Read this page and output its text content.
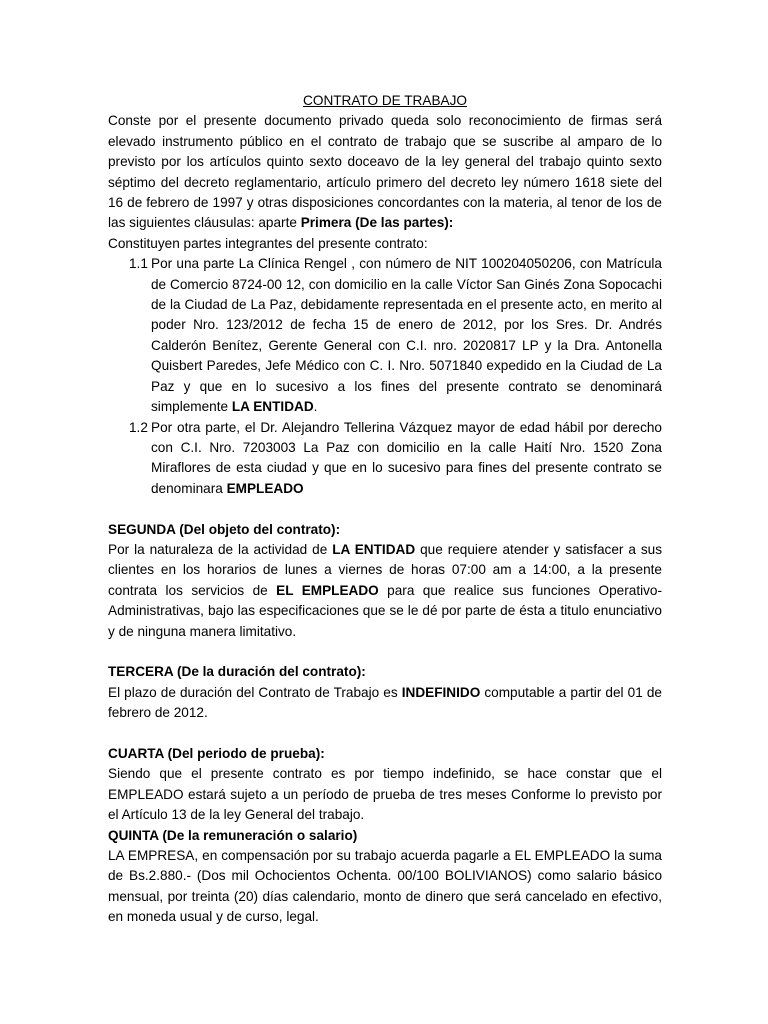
CONTRATO DE TRABAJO

Conste por el presente documento privado queda solo reconocimiento de firmas será elevado instrumento público en el contrato de trabajo que se suscribe al amparo de lo previsto por los artículos quinto sexto doceavo de la ley general del trabajo quinto sexto séptimo del decreto reglamentario, artículo primero del decreto ley número 1618 siete del 16 de febrero de 1997 y otras disposiciones concordantes con la materia, al tenor de los de las siguientes cláusulas: aparte Primera (De las partes):

Constituyen partes integrantes del presente contrato:

1.1 Por una parte La Clínica Rengel , con número de NIT 100204050206, con Matrícula de Comercio 8724-00 12, con domicilio en la calle Víctor San Ginés Zona Sopocachi de la Ciudad de La Paz, debidamente representada en el presente acto, en merito al poder Nro. 123/2012 de fecha 15 de enero de 2012, por los Sres. Dr. Andrés Calderón Benítez, Gerente General con C.I. nro. 2020817 LP y la Dra. Antonella Quisbert Paredes, Jefe Médico con C. I. Nro. 5071840 expedido en la Ciudad de La Paz y que en lo sucesivo a los fines del presente contrato se denominará simplemente LA ENTIDAD.
1.2 Por otra parte, el Dr. Alejandro Tellerina Vázquez mayor de edad hábil por derecho con C.I. Nro. 7203003 La Paz con domicilio en la calle Haití Nro. 1520 Zona Miraflores de esta ciudad y que en lo sucesivo para fines del presente contrato se denominara EMPLEADO

SEGUNDA (Del objeto del contrato):

Por la naturaleza de la actividad de LA ENTIDAD que requiere atender y satisfacer a sus clientes en los horarios de lunes a viernes de horas 07:00 am a 14:00, a la presente contrata los servicios de EL EMPLEADO para que realice sus funciones Operativo-Administrativas, bajo las especificaciones que se le dé por parte de ésta a titulo enunciativo y de ninguna manera limitativo.

TERCERA (De la duración del contrato):

El plazo de duración del Contrato de Trabajo es INDEFINIDO computable a partir del 01 de febrero de 2012.

CUARTA (Del periodo de prueba):

Siendo que el presente contrato es por tiempo indefinido, se hace constar que el EMPLEADO estará sujeto a un período de prueba de tres meses Conforme lo previsto por el Artículo 13 de la ley General del trabajo.

QUINTA (De la remuneración o salario)

LA EMPRESA, en compensación por su trabajo acuerda pagarle a EL EMPLEADO la suma de Bs.2.880.- (Dos mil Ochocientos Ochenta. 00/100 BOLIVIANOS) como salario básico mensual, por treinta (20) días calendario, monto de dinero que será cancelado en efectivo, en moneda usual y de curso, legal.
